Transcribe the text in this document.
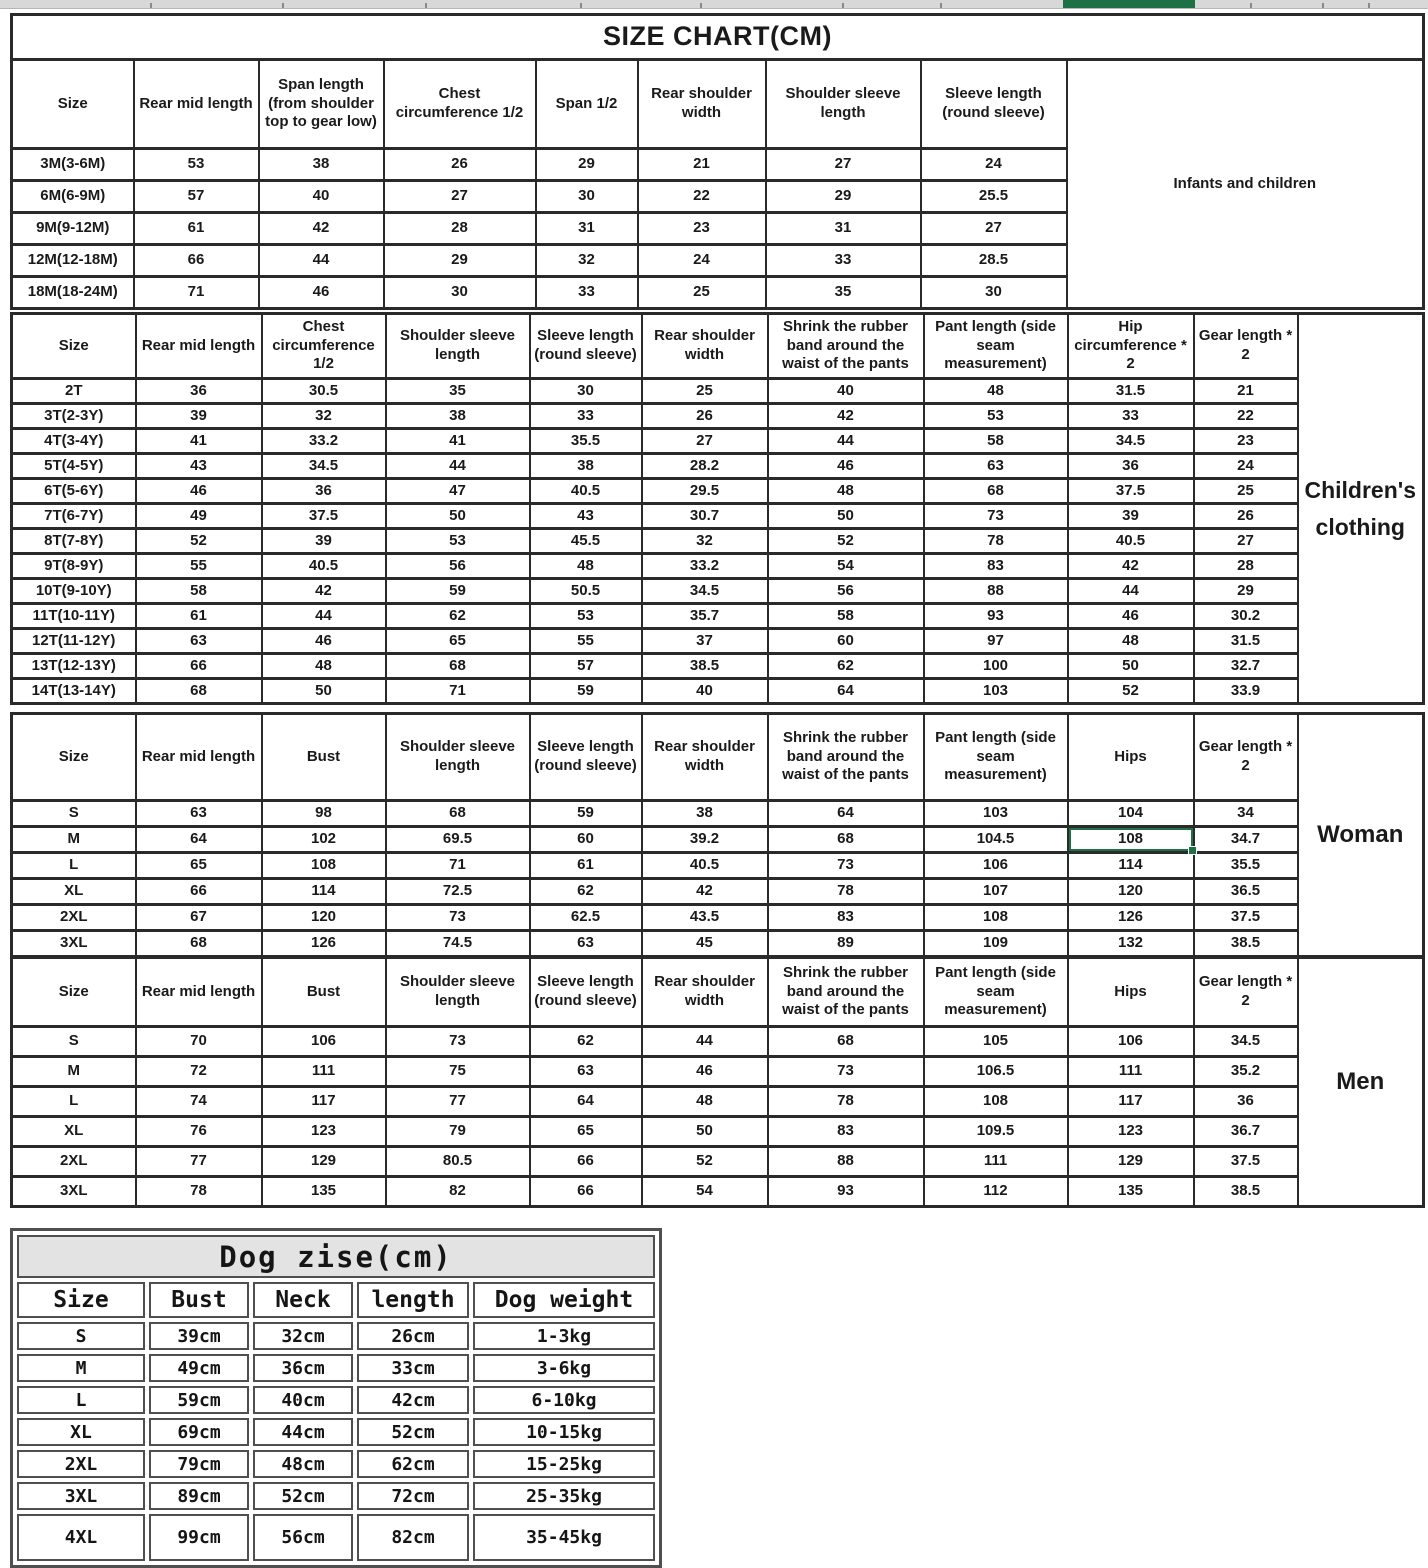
SIZE CHART(CM)								
Size	Rear mid length	Span length (from shoulder top to gear low)	Chest circumference 1/2	Span 1/2	Rear shoulder width	Shoulder sleeve length	Sleeve length (round sleeve)	Infants and children

3M(3-6M)	53	38	26	29	21	27	24	
6M(6-9M)	57	40	27	30	22	29	25.5	
9M(9-12M)	61	42	28	31	23	31	27	
12M(12-18M)	66	44	29	32	24	33	28.5	
18M(18-24M)	71	46	30	33	25	35	30	
Size	Rear mid length	Chest circumference 1/2	Shoulder sleeve length	Sleeve length (round sleeve)	Rear shoulder width	Shrink the rubber band around the waist of the pants	Pant length (side seam measurement)	Hip circumference * 2	Gear length * 2	Children's
clothing

2T	36	30.5	35	30	25	40	48	31.5	21	
3T(2-3Y)	39	32	38	33	26	42	53	33	22	
4T(3-4Y)	41	33.2	41	35.5	27	44	58	34.5	23	
5T(4-5Y)	43	34.5	44	38	28.2	46	63	36	24	
6T(5-6Y)	46	36	47	40.5	29.5	48	68	37.5	25	
7T(6-7Y)	49	37.5	50	43	30.7	50	73	39	26	
8T(7-8Y)	52	39	53	45.5	32	52	78	40.5	27	
9T(8-9Y)	55	40.5	56	48	33.2	54	83	42	28	
10T(9-10Y)	58	42	59	50.5	34.5	56	88	44	29	
11T(10-11Y)	61	44	62	53	35.7	58	93	46	30.2	
12T(11-12Y)	63	46	65	55	37	60	97	48	31.5	
13T(12-13Y)	66	48	68	57	38.5	62	100	50	32.7	
14T(13-14Y)	68	50	71	59	40	64	103	52	33.9	
Size	Rear mid length	Bust	Shoulder sleeve length	Sleeve length (round sleeve)	Rear shoulder width	Shrink the rubber band around the waist of the pants	Pant length (side seam measurement)	Hips	Gear length * 2	Woman

S	63	98	68	59	38	64	103	104	34	
M	64	102	69.5	60	39.2	68	104.5	108	34.7	
L	65	108	71	61	40.5	73	106	114	35.5	
XL	66	114	72.5	62	42	78	107	120	36.5	
2XL	67	120	73	62.5	43.5	83	108	126	37.5	
3XL	68	126	74.5	63	45	89	109	132	38.5	
Size	Rear mid length	Bust	Shoulder sleeve length	Sleeve length (round sleeve)	Rear shoulder width	Shrink the rubber band around the waist of the pants	Pant length (side seam measurement)	Hips	Gear length * 2	Men

S	70	106	73	62	44	68	105	106	34.5	
M	72	111	75	63	46	73	106.5	111	35.2	
L	74	117	77	64	48	78	108	117	36	
XL	76	123	79	65	50	83	109.5	123	36.7	
2XL	77	129	80.5	66	52	88	111	129	37.5	
3XL	78	135	82	66	54	93	112	135	38.5	
Dog zise(cm)				
Size	Bust	Neck	length	Dog weight
S	39cm	32cm	26cm	1-3kg
M	49cm	36cm	33cm	3-6kg
L	59cm	40cm	42cm	6-10kg
XL	69cm	44cm	52cm	10-15kg
2XL	79cm	48cm	62cm	15-25kg
3XL	89cm	52cm	72cm	25-35kg
4XL	99cm	56cm	82cm	35-45kg
